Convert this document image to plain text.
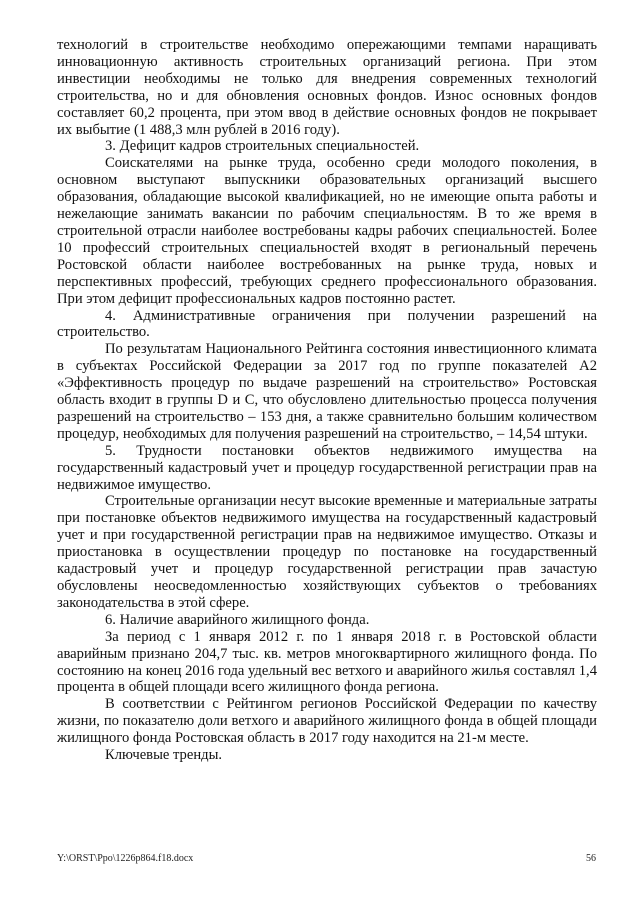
технологий в строительстве необходимо опережающими темпами наращивать инновационную активность строительных организаций региона. При этом инвестиции необходимы не только для внедрения современных технологий строительства, но и для обновления основных фондов. Износ основных фондов составляет 60,2 процента, при этом ввод в действие основных фондов не покрывает их выбытие (1 488,3 млн рублей в 2016 году).

3. Дефицит кадров строительных специальностей.

Соискателями на рынке труда, особенно среди молодого поколения, в основном выступают выпускники образовательных организаций высшего образования, обладающие высокой квалификацией, но не имеющие опыта работы и нежелающие занимать вакансии по рабочим специальностям. В то же время в строительной отрасли наиболее востребованы кадры рабочих специальностей. Более 10 профессий строительных специальностей входят в региональный перечень Ростовской области наиболее востребованных на рынке труда, новых и перспективных профессий, требующих среднего профессионального образования. При этом дефицит профессиональных кадров постоянно растет.

4. Административные ограничения при получении разрешений на строительство.

По результатам Национального Рейтинга состояния инвестиционного климата в субъектах Российской Федерации за 2017 год по группе показателей А2 «Эффективность процедур по выдаче разрешений на строительство» Ростовская область входит в группы D и С, что обусловлено длительностью процесса получения разрешений на строительство – 153 дня, а также сравнительно большим количеством процедур, необходимых для получения разрешений на строительство, – 14,54 штуки.

5. Трудности постановки объектов недвижимого имущества на государственный кадастровый учет и процедур государственной регистрации прав на недвижимое имущество.

Строительные организации несут высокие временные и материальные затраты при постановке объектов недвижимого имущества на государственный кадастровый учет и при государственной регистрации прав на недвижимое имущество. Отказы и приостановка в осуществлении процедур по постановке на государственный кадастровый учет и процедур государственной регистрации прав зачастую обусловлены неосведомленностью хозяйствующих субъектов о требованиях законодательства в этой сфере.

6. Наличие аварийного жилищного фонда.

За период с 1 января 2012 г. по 1 января 2018 г. в Ростовской области аварийным признано 204,7 тыс. кв. метров многоквартирного жилищного фонда. По состоянию на конец 2016 года удельный вес ветхого и аварийного жилья составлял 1,4 процента в общей площади всего жилищного фонда региона.

В соответствии с Рейтингом регионов Российской Федерации по качеству жизни, по показателю доли ветхого и аварийного жилищного фонда в общей площади жилищного фонда Ростовская область в 2017 году находится на 21-м месте.

Ключевые тренды.

Y:\ORST\Ppo\1226p864.f18.docx	56
